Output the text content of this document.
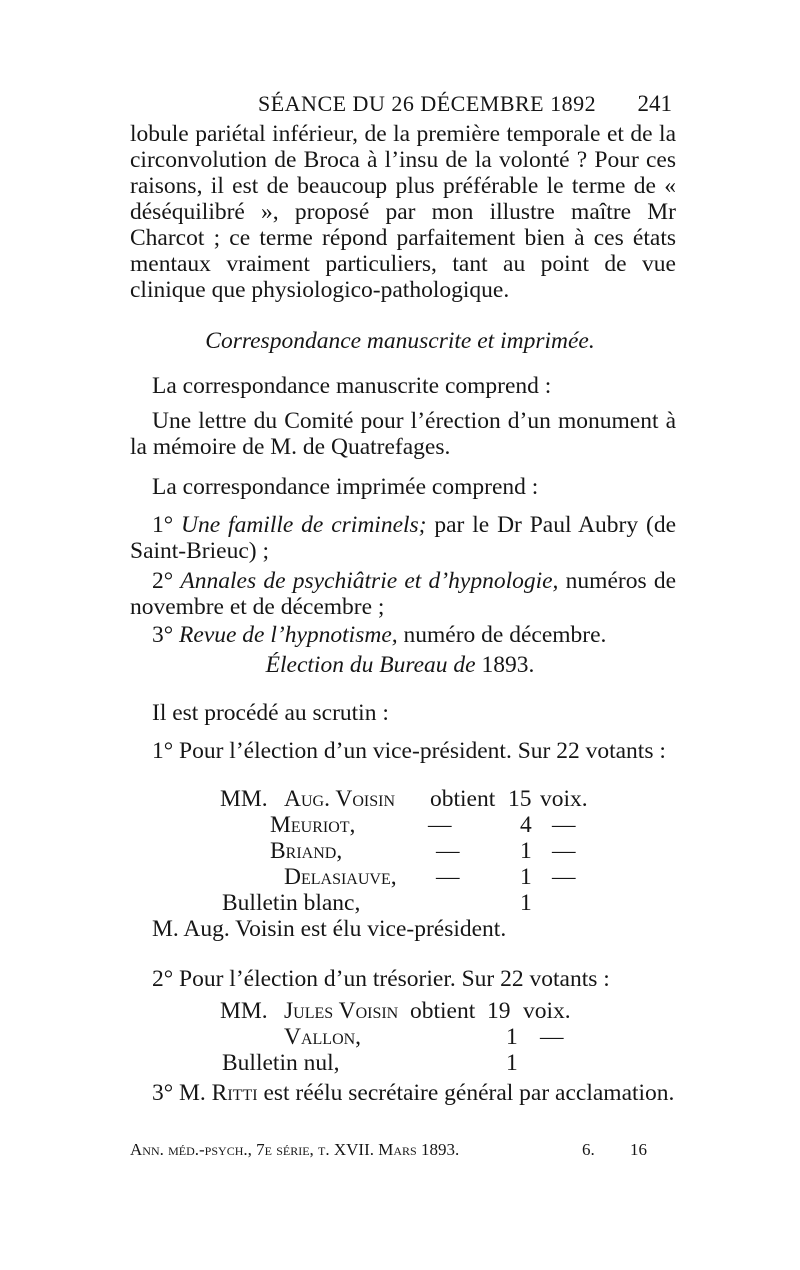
SÉANCE DU 26 DÉCEMBRE 1892 241

lobule pariétal inférieur, de la première temporale et de la circonvolution de Broca à l’insu de la volonté ? Pour ces raisons, il est de beaucoup plus préférable le terme de « déséquilibré », proposé par mon illustre maître Mr Charcot ; ce terme répond parfaitement bien à ces états mentaux vraiment particuliers, tant au point de vue clinique que physiologico-pathologique.

Correspondance manuscrite et imprimée.

La correspondance manuscrite comprend :

Une lettre du Comité pour l’érection d’un monument à la mémoire de M. de Quatrefages.

La correspondance imprimée comprend :

1° Une famille de criminels; par le Dr Paul Aubry (de Saint-Brieuc) ;

2° Annales de psychiâtrie et d’hypnologie, numéros de novembre et de décembre ;

3° Revue de l’hypnotisme, numéro de décembre.

Élection du Bureau de 1893.

Il est procédé au scrutin :

1° Pour l’élection d’un vice-président. Sur 22 votants :

MM. Aug. Voisin obtient 15 voix.
Meuriot,	—	4 —
Briand,	—	1 —
Delasiauve, —	1 —
Bulletin blanc,	1

M. Aug. Voisin est élu vice-président.

2° Pour l’élection d’un trésorier. Sur 22 votants :

MM. Jules Voisin obtient 19 voix.
Vallon,	1 —
Bulletin nul,	1

3° M. Ritti est réélu secrétaire général par acclamation.

Ann. méd.-psych., 7e série, t. XVII. Mars 1893.	6. 16
